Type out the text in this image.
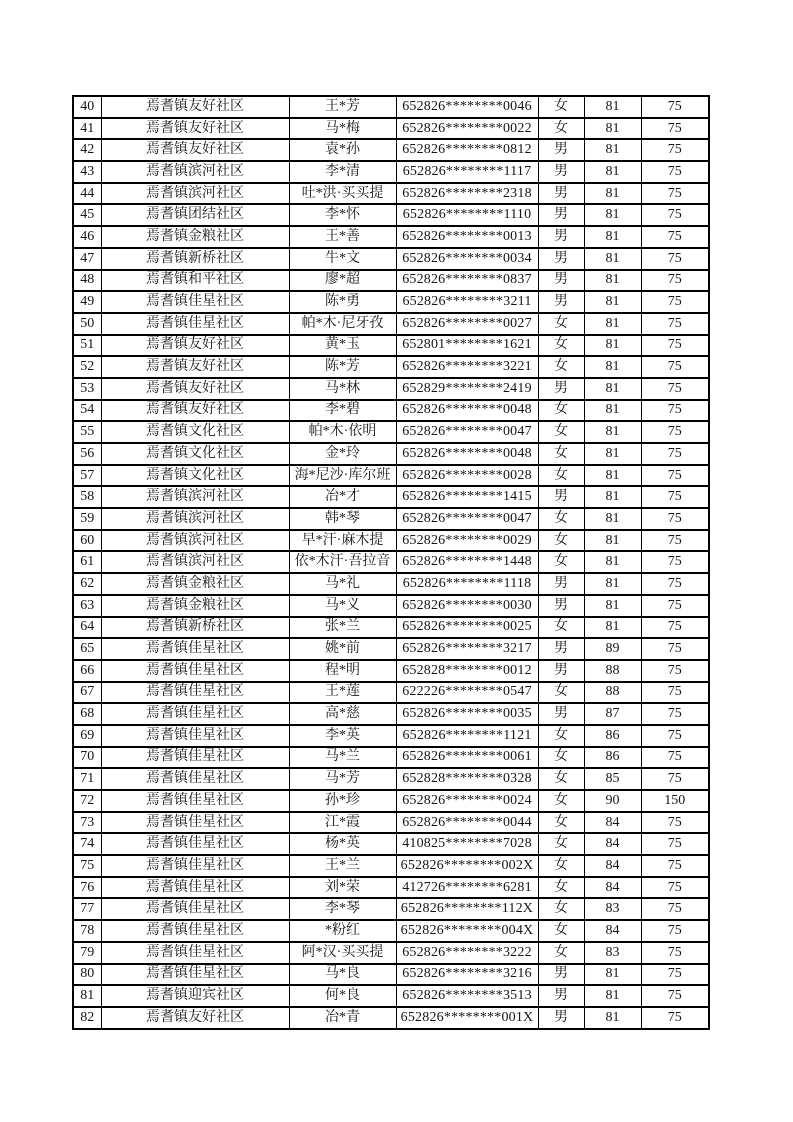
40	焉耆镇友好社区	王*芳	652826********0046	女	81	75
41	焉耆镇友好社区	马*梅	652826********0022	女	81	75
42	焉耆镇友好社区	袁*孙	652826********0812	男	81	75
43	焉耆镇滨河社区	李*清	652826********1117	男	81	75
44	焉耆镇滨河社区	吐*洪·买买提	652826********2318	男	81	75
45	焉耆镇团结社区	李*怀	652826********1110	男	81	75
46	焉耆镇金粮社区	王*善	652826********0013	男	81	75
47	焉耆镇新桥社区	牛*文	652826********0034	男	81	75
48	焉耆镇和平社区	廖*超	652826********0837	男	81	75
49	焉耆镇佳星社区	陈*勇	652826********3211	男	81	75
50	焉耆镇佳星社区	帕*木·尼牙孜	652826********0027	女	81	75
51	焉耆镇友好社区	黄*玉	652801********1621	女	81	75
52	焉耆镇友好社区	陈*芳	652826********3221	女	81	75
53	焉耆镇友好社区	马*林	652829********2419	男	81	75
54	焉耆镇友好社区	李*碧	652826********0048	女	81	75
55	焉耆镇文化社区	帕*木·依明	652826********0047	女	81	75
56	焉耆镇文化社区	金*玲	652826********0048	女	81	75
57	焉耆镇文化社区	海*尼沙·库尔班	652826********0028	女	81	75
58	焉耆镇滨河社区	冶*才	652826********1415	男	81	75
59	焉耆镇滨河社区	韩*琴	652826********0047	女	81	75
60	焉耆镇滨河社区	早*汗·麻木提	652826********0029	女	81	75
61	焉耆镇滨河社区	依*木汗·吾拉音	652826********1448	女	81	75
62	焉耆镇金粮社区	马*礼	652826********1118	男	81	75
63	焉耆镇金粮社区	马*义	652826********0030	男	81	75
64	焉耆镇新桥社区	张*兰	652826********0025	女	81	75
65	焉耆镇佳星社区	姚*前	652826********3217	男	89	75
66	焉耆镇佳星社区	程*明	652828********0012	男	88	75
67	焉耆镇佳星社区	王*莲	622226********0547	女	88	75
68	焉耆镇佳星社区	高*慈	652826********0035	男	87	75
69	焉耆镇佳星社区	李*英	652826********1121	女	86	75
70	焉耆镇佳星社区	马*兰	652826********0061	女	86	75
71	焉耆镇佳星社区	马*芳	652828********0328	女	85	75
72	焉耆镇佳星社区	孙*珍	652826********0024	女	90	150
73	焉耆镇佳星社区	江*霞	652826********0044	女	84	75
74	焉耆镇佳星社区	杨*英	410825********7028	女	84	75
75	焉耆镇佳星社区	王*兰	652826********002X	女	84	75
76	焉耆镇佳星社区	刘*荣	412726********6281	女	84	75
77	焉耆镇佳星社区	李*琴	652826********112X	女	83	75
78	焉耆镇佳星社区	*粉红	652826********004X	女	84	75
79	焉耆镇佳星社区	阿*汉·买买提	652826********3222	女	83	75
80	焉耆镇佳星社区	马*良	652826********3216	男	81	75
81	焉耆镇迎宾社区	何*良	652826********3513	男	81	75
82	焉耆镇友好社区	冶*青	652826********001X	男	81	75
